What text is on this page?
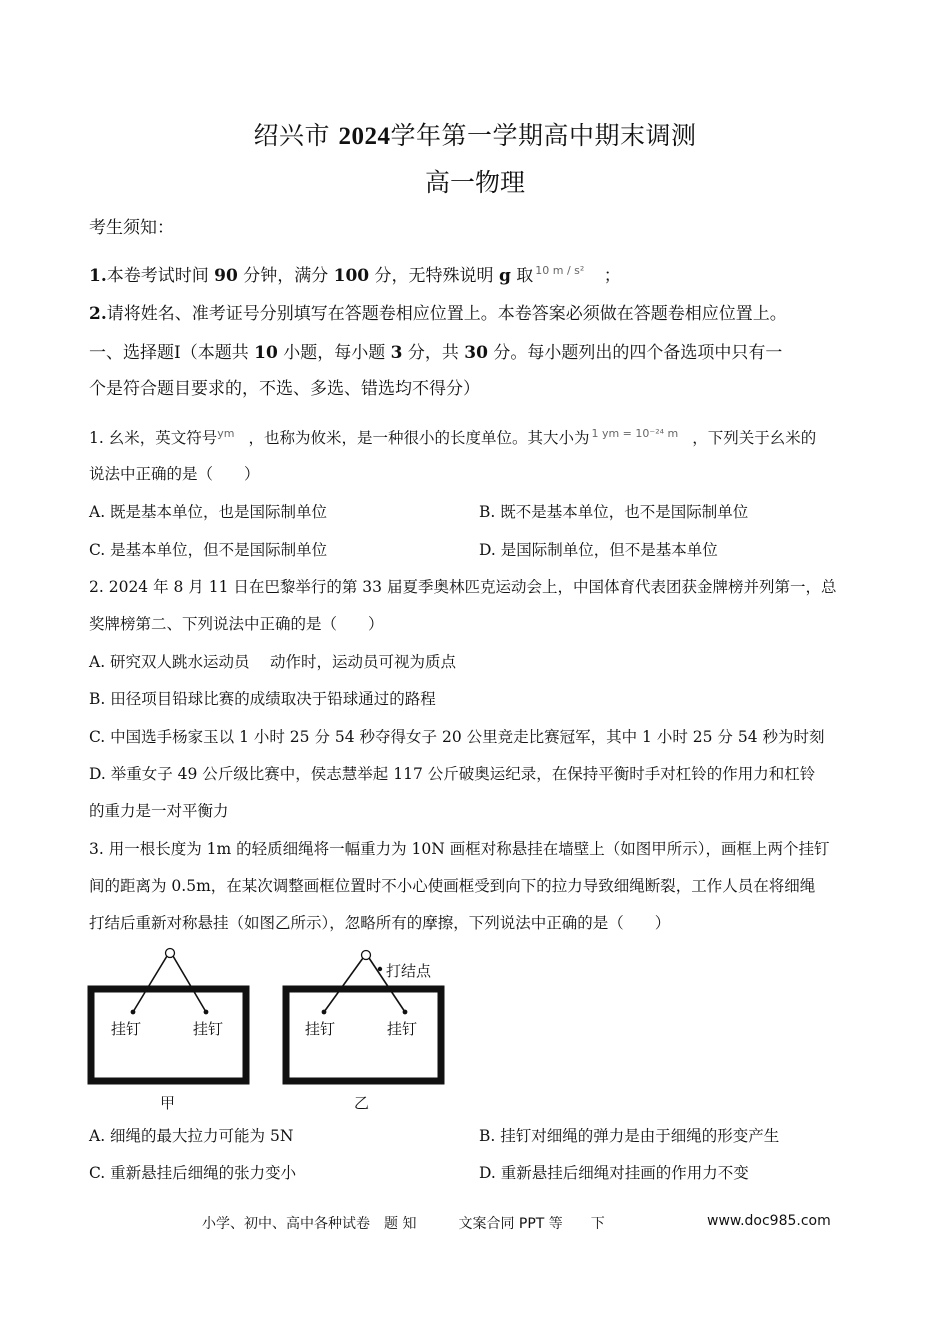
绍兴市 2024学年第一学期高中期末调测
高一物理
考生须知：
1.本卷考试时间 90 分钟，满分 100 分，无特殊说明 g 取 $^{10 m / s^2}$ ；
2.请将姓名、准考证号分别填写在答题卷相应位置上。本卷答案必须做在答题卷相应位置上。
一、选择题Ⅰ（本题共 10 小题，每小题 3 分，共 30 分。每小题列出的四个备选项中只有一
个是符合题目要求的，不选、多选、错选均不得分）
1. 幺米，英文符号$^{ym}$ ，也称为攸米，是一种很小的长度单位。其大小为 $^{1 ym = 10^{-24} m}$ ，下列关于幺米的
说法中正确的是（　　）
A. 既是基本单位，也是国际制单位	B. 既不是基本单位，也不是国际制单位
C. 是基本单位，但不是国际制单位	D. 是国际制单位，但不是基本单位
2. 2024 年 8 月 11 日在巴黎举行的第 33 届夏季奥林匹克运动会上，中国体育代表团获金牌榜并列第一，总
奖牌榜第二、下列说法中正确的是（　　）
A. 研究双人跳水运动员　 动作时，运动员可视为质点
B. 田径项目铅球比赛的成绩取决于铅球通过的路程
C. 中国选手杨家玉以 1 小时 25 分 54 秒夺得女子 20 公里竞走比赛冠军，其中 1 小时 25 分 54 秒为时刻
D. 举重女子 49 公斤级比赛中，侯志慧举起 117 公斤破奥运纪录，在保持平衡时手对杠铃的作用力和杠铃
的重力是一对平衡力
3. 用一根长度为 1m 的轻质细绳将一幅重力为 10N 画框对称悬挂在墙壁上（如图甲所示），画框上两个挂钉
间的距离为 0.5m，在某次调整画框位置时不小心使画框受到向下的拉力导致细绳断裂，工作人员在将细绳
打结后重新对称悬挂（如图乙所示），忽略所有的摩擦，下列说法中正确的是（　　）
挂钉	挂钉
甲
打结点
挂钉	挂钉
乙
A. 细绳的最大拉力可能为 5N	B. 挂钉对细绳的弹力是由于细绳的形变产生
C. 重新悬挂后细绳的张力变小	D. 重新悬挂后细绳对挂画的作用力不变
小学、初中、高中各种试卷　题 知　　　文案合同 PPT 等　　下	www.doc985.com
